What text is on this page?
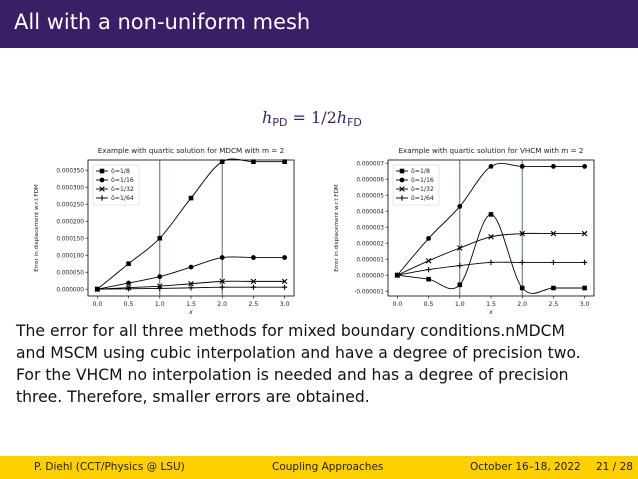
All with a non-uniform mesh
hPD = 1/2hFD
Example with quartic solution for MDCM with m = 2
0.0	0.5	1.0	1.5	2.0	2.5	3.0
0.000000
0.000050
0.000100
0.000150
0.000200
0.000250
0.000300
0.000350
x
Error in displacement w.r.t FDM
δ=1/8
δ=1/16
δ=1/32
δ=1/64
Example with quartic solution for VHCM with m = 2
0.0	0.5	1.0	1.5	2.0	2.5	3.0
-0.000001
0.000000
0.000001
0.000002
0.000003
0.000004
0.000005
0.000006
0.000007
x
Error in displacement w.r.t FDM
δ=1/8
δ=1/16
δ=1/32
δ=1/64
The error for all three methods for mixed boundary conditions.nMDCM
and MSCM using cubic interpolation and have a degree of precision two.
For the VHCM no interpolation is needed and has a degree of precision
three. Therefore, smaller errors are obtained.
P. Diehl (CCT/Physics @ LSU)	Coupling Approaches	October 16–18, 2022 21 / 28
